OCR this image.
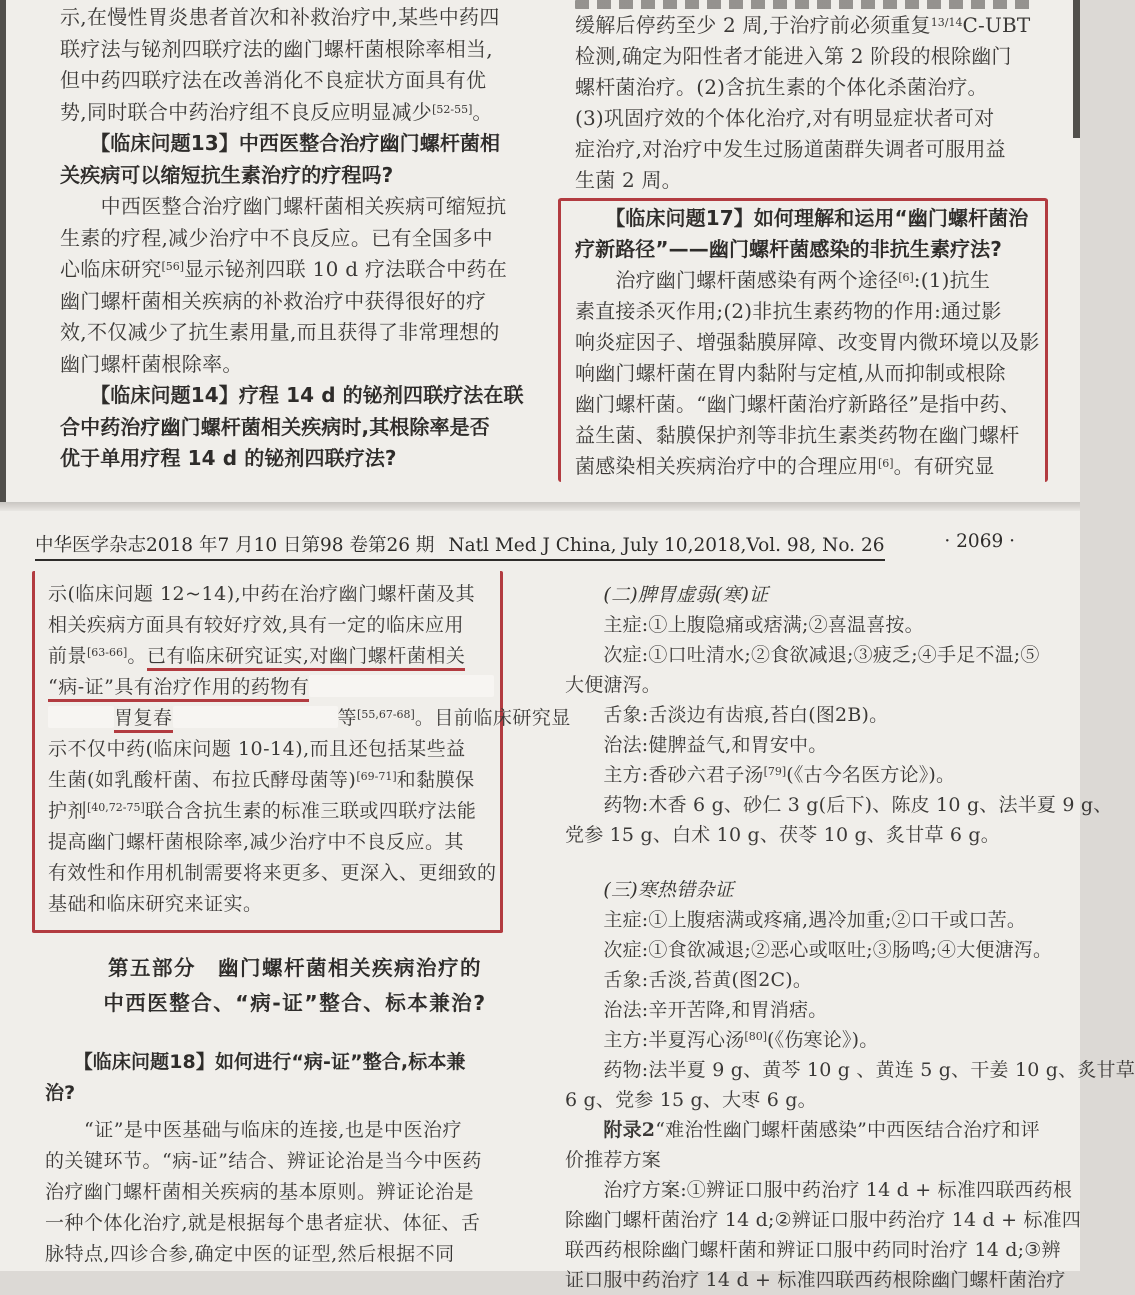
示,在慢性胃炎患者首次和补救治疗中,某些中药四
联疗法与铋剂四联疗法的幽门螺杆菌根除率相当,
但中药四联疗法在改善消化不良症状方面具有优
势,同时联合中药治疗组不良反应明显减少[52-55]。
　　【临床问题13】中西医整合治疗幽门螺杆菌相
关疾病可以缩短抗生素治疗的疗程吗?
　　中西医整合治疗幽门螺杆菌相关疾病可缩短抗
生素的疗程,减少治疗中不良反应。已有全国多中
心临床研究[56]显示铋剂四联 10 d 疗法联合中药在
幽门螺杆菌相关疾病的补救治疗中获得很好的疗
效,不仅减少了抗生素用量,而且获得了非常理想的
幽门螺杆菌根除率。
　　【临床问题14】疗程 14 d 的铋剂四联疗法在联
合中药治疗幽门螺杆菌相关疾病时,其根除率是否
优于单用疗程 14 d 的铋剂四联疗法?
缓解后停药至少 2 周,于治疗前必须重复$^{13/14}$C-UBT
检测,确定为阳性者才能进入第 2 阶段的根除幽门
螺杆菌治疗。(2)含抗生素的个体化杀菌治疗。
(3)巩固疗效的个体化治疗,对有明显症状者可对
症治疗,对治疗中发生过肠道菌群失调者可服用益
生菌 2 周。
　　【临床问题17】如何理解和运用“幽门螺杆菌治
疗新路径”——幽门螺杆菌感染的非抗生素疗法?
　　治疗幽门螺杆菌感染有两个途径[6]:(1)抗生
素直接杀灭作用;(2)非抗生素药物的作用:通过影
响炎症因子、增强黏膜屏障、改变胃内微环境以及影
响幽门螺杆菌在胃内黏附与定植,从而抑制或根除
幽门螺杆菌。“幽门螺杆菌治疗新路径”是指中药、
益生菌、黏膜保护剂等非抗生素类药物在幽门螺杆
菌感染相关疾病治疗中的合理应用[6]。有研究显
· 2069 ·
中华医学杂志2018 年7 月10 日第98 卷第26 期 Natl Med J China, July 10,2018,Vol. 98, No. 26
示(临床问题 12~14),中药在治疗幽门螺杆菌及其
相关疾病方面具有较好疗效,具有一定的临床应用
前景[63-66]。已有临床研究证实,对幽门螺杆菌相关
“病-证”具有治疗作用的药物有
胃复春	等[55,67-68]。目前临床研究显
示不仅中药(临床问题 10-14),而且还包括某些益
生菌(如乳酸杆菌、布拉氏酵母菌等)[69-71]和黏膜保
护剂[40,72-75]联合含抗生素的标准三联或四联疗法能
提高幽门螺杆菌根除率,减少治疗中不良反应。其
有效性和作用机制需要将来更多、更深入、更细致的
基础和临床研究来证实。
第五部分　幽门螺杆菌相关疾病治疗的
中西医整合、“病-证”整合、标本兼治?
　　【临床问题18】如何进行“病-证”整合,标本兼
治?
　　“证”是中医基础与临床的连接,也是中医治疗
的关键环节。“病-证”结合、辨证论治是当今中医药
治疗幽门螺杆菌相关疾病的基本原则。辨证论治是
一种个体化治疗,就是根据每个患者症状、体征、舌
脉特点,四诊合参,确定中医的证型,然后根据不同
　　(二)脾胃虚弱(寒)证
　　主症:①上腹隐痛或痞满;②喜温喜按。
　　次症:①口吐清水;②食欲减退;③疲乏;④手足不温;⑤
大便溏泻。
　　舌象:舌淡边有齿痕,苔白(图2B)。
　　治法:健脾益气,和胃安中。
　　主方:香砂六君子汤[79](《古今名医方论》)。
　　药物:木香 6 g、砂仁 3 g(后下)、陈皮 10 g、法半夏 9 g、
党参 15 g、白术 10 g、茯苓 10 g、炙甘草 6 g。
　　(三)寒热错杂证
　　主症:①上腹痞满或疼痛,遇冷加重;②口干或口苦。
　　次症:①食欲减退;②恶心或呕吐;③肠鸣;④大便溏泻。
　　舌象:舌淡,苔黄(图2C)。
　　治法:辛开苦降,和胃消痞。
　　主方:半夏泻心汤[80](《伤寒论》)。
　　药物:法半夏 9 g、黄芩 10 g 、黄连 5 g、干姜 10 g、炙甘草
6 g、党参 15 g、大枣 6 g。
　　附录2“难治性幽门螺杆菌感染”中西医结合治疗和评
价推荐方案
　　治疗方案:①辨证口服中药治疗 14 d + 标准四联西药根
除幽门螺杆菌治疗 14 d;②辨证口服中药治疗 14 d + 标准四
联西药根除幽门螺杆菌和辨证口服中药同时治疗 14 d;③辨
证口服中药治疗 14 d + 标准四联西药根除幽门螺杆菌治疗
